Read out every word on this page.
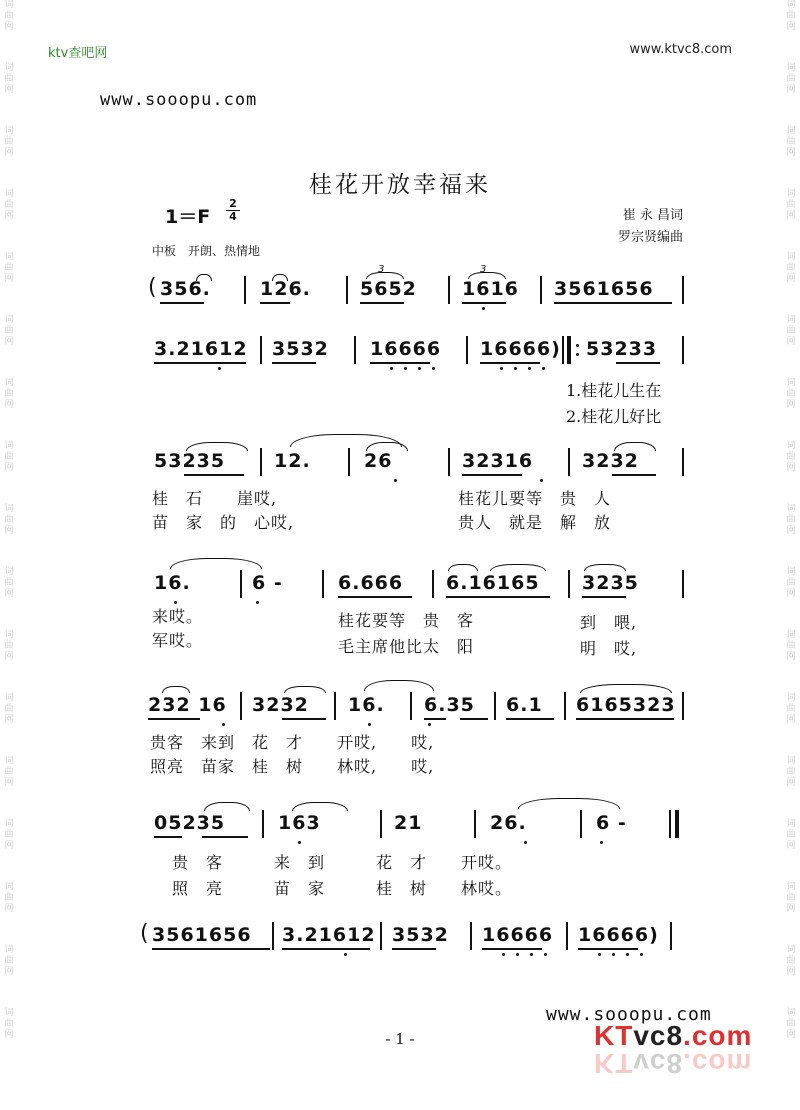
词
曲
网
词
曲
网
词
曲
网
词
曲
网
词
曲
网
词
曲
网
词
曲
网
词
曲
网
词
曲
网
词
曲
网
词
曲
网
词
曲
网
词
曲
网
词
曲
网
词
曲
网
词
曲
网
词
曲
网
词
曲
网
词
曲
网
词
曲
网
词
曲
网
词
曲
网
词
曲
网
词
曲
网
词
曲
网
词
曲
网
词
曲
网
词
曲
网
词
曲
网
词
曲
网
词
曲
网
词
曲
网
词
曲
网
词
曲
网
ktv查吧网	www.ktvc8.com
www.sooopu.com
桂花开放幸福来
1＝F
2
4	崔 永 昌词
罗宗贤编曲
中板　开朗、热情地
( 356.	126.	5652
3
1616
3
3561656
3.21612 3532 16666 16666) 53233
1.桂花儿生在
2.桂花儿好比
53235	12.	26	32316	3232
桂　石　　崖哎,	桂花儿要等　贵　人
苗　家　的　心哎,	贵人　就是　解　放
16.	6 -	6.666 6.16165 3235
来哎。	桂花要等　贵　客	到　喂,
军哎。	毛主席他比太　阳	明　哎,
232 16 3232 16. 6.35 6.1 6165323
贵客　来到　花　才　　开哎,　　哎,
照亮　苗家　桂　树　　林哎,　　哎,
05235	163	21	26.	6 -
贵　客　　　来　到　　　花　才　　开哎。
照　亮　　　苗　家　　　桂　树　　林哎。
( 3561656 3.21612 3532 16666 16666)
www.sooopu.com
- 1 -	KTvc8.com
KTvc8.com
